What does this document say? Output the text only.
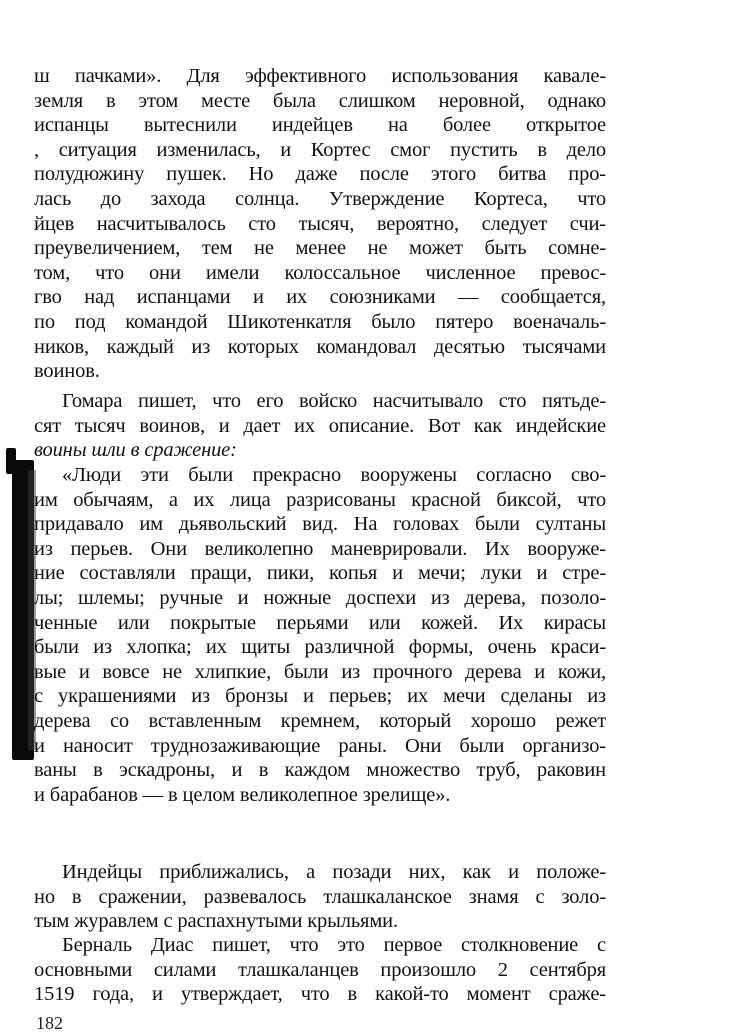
ш пачками». Для эффективного использования кавале-
земля в этом месте была слишком неровной, однако
испанцы вытеснили индейцев на более открытое
, ситуация изменилась, и Кортес смог пустить в дело
полудюжину пушек. Но даже после этого битва про-
лась до захода солнца. Утверждение Кортеса, что
йцев насчитывалось сто тысяч, вероятно, следует счи-
преувеличением, тем не менее не может быть сомне-
том, что они имели колоссальное численное превос-
гво над испанцами и их союзниками — сообщается,
по под командой Шикотенкатля было пятеро военачаль-
ников, каждый из которых командовал десятью тысячами
воинов.
Гомара пишет, что его войско насчитывало сто пятьде-
сят тысяч воинов, и дает их описание. Вот как индейские
воины шли в сражение:
«Люди эти были прекрасно вооружены согласно сво-
им обычаям, а их лица разрисованы красной биксой, что
придавало им дьявольский вид. На головах были султаны
из перьев. Они великолепно маневрировали. Их вооруже-
ние составляли пращи, пики, копья и мечи; луки и стре-
лы; шлемы; ручные и ножные доспехи из дерева, позоло-
ченные или покрытые перьями или кожей. Их кирасы
были из хлопка; их щиты различной формы, очень краси-
вые и вовсе не хлипкие, были из прочного дерева и кожи,
с украшениями из бронзы и перьев; их мечи сделаны из
дерева со вставленным кремнем, который хорошо режет
и наносит труднозаживающие раны. Они были организо-
ваны в эскадроны, и в каждом множество труб, раковин
и барабанов — в целом великолепное зрелище».
Индейцы приближались, а позади них, как и положе-
но в сражении, развевалось тлашкаланское знамя с золо-
тым журавлем с распахнутыми крыльями.
Берналь Диас пишет, что это первое столкновение с
основными силами тлашкаланцев произошло 2 сентября
1519 года, и утверждает, что в какой-то момент сраже-
182
